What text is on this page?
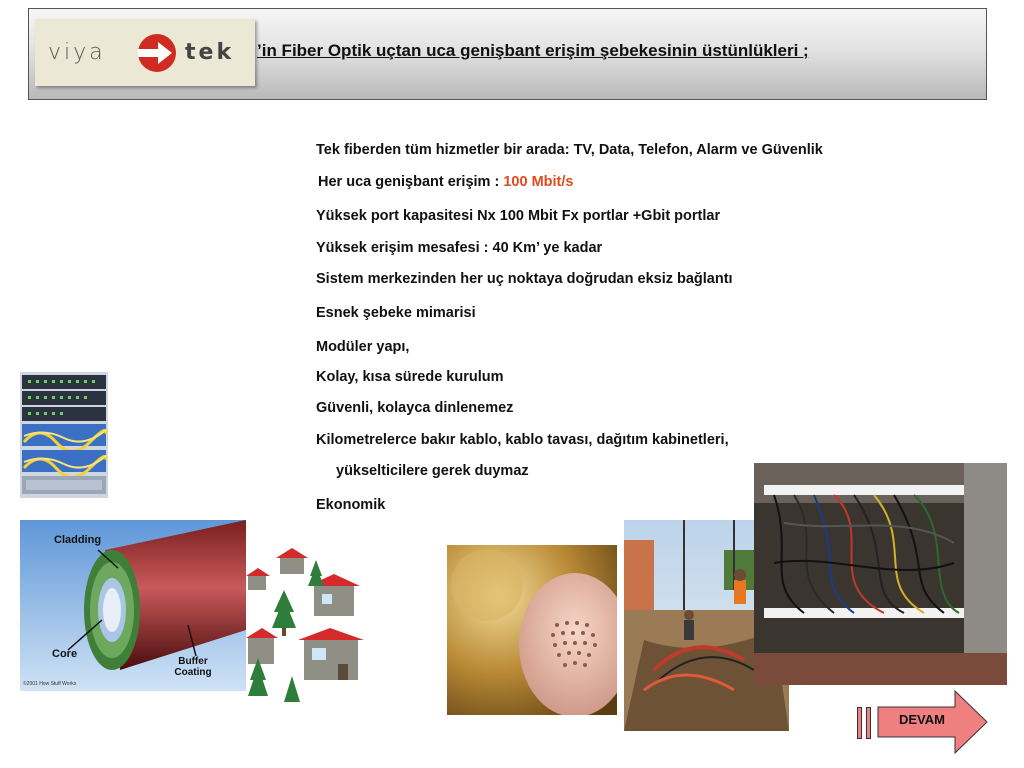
viya	tek ’in Fiber Optik uçtan uca genişbant erişim şebekesinin üstünlükleri ;
Tek fiberden tüm hizmetler bir arada: TV, Data, Telefon, Alarm ve Güvenlik
Her uca genişbant erişim : 100 Mbit/s
Yüksek port kapasitesi Nx 100 Mbit Fx portlar +Gbit portlar
Yüksek erişim mesafesi : 40 Km’ ye kadar
Sistem merkezinden her uç noktaya doğrudan eksiz bağlantı
Esnek şebeke mimarisi
Modüler yapı,
Kolay, kısa sürede kurulum
Güvenli, kolayca dinlenemez
Kilometrelerce bakır kablo, kablo tavası, dağıtım kabinetleri,
yükselticilere gerek duymaz
Ekonomik
Cladding
Core
Buffer Coating
©2001 How Stuff Works
DEVAM
